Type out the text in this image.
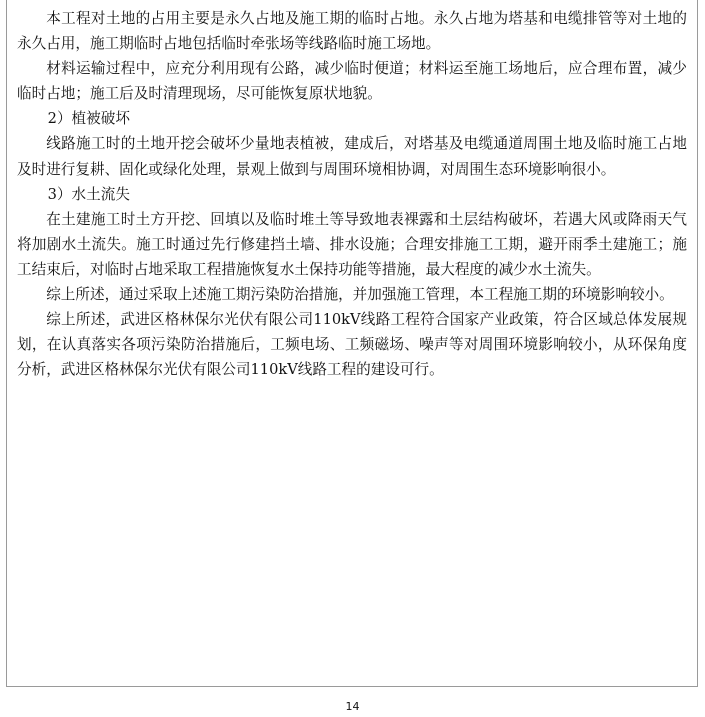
本工程对土地的占用主要是永久占地及施工期的临时占地。永久占地为塔基和电缆排管等对土地的永久占用，施工期临时占地包括临时牵张场等线路临时施工场地。

材料运输过程中，应充分利用现有公路，减少临时便道；材料运至施工场地后，应合理布置，减少临时占地；施工后及时清理现场，尽可能恢复原状地貌。

2）植被破坏

线路施工时的土地开挖会破坏少量地表植被，建成后，对塔基及电缆通道周围土地及临时施工占地及时进行复耕、固化或绿化处理，景观上做到与周围环境相协调，对周围生态环境影响很小。

3）水土流失

在土建施工时土方开挖、回填以及临时堆土等导致地表裸露和土层结构破坏，若遇大风或降雨天气将加剧水土流失。施工时通过先行修建挡土墙、排水设施；合理安排施工工期，避开雨季土建施工；施工结束后，对临时占地采取工程措施恢复水土保持功能等措施，最大程度的减少水土流失。

综上所述，通过采取上述施工期污染防治措施，并加强施工管理，本工程施工期的环境影响较小。

综上所述，武进区格林保尔光伏有限公司110kV线路工程符合国家产业政策，符合区域总体发展规划，在认真落实各项污染防治措施后，工频电场、工频磁场、噪声等对周围环境影响较小，从环保角度分析，武进区格林保尔光伏有限公司110kV线路工程的建设可行。

14
